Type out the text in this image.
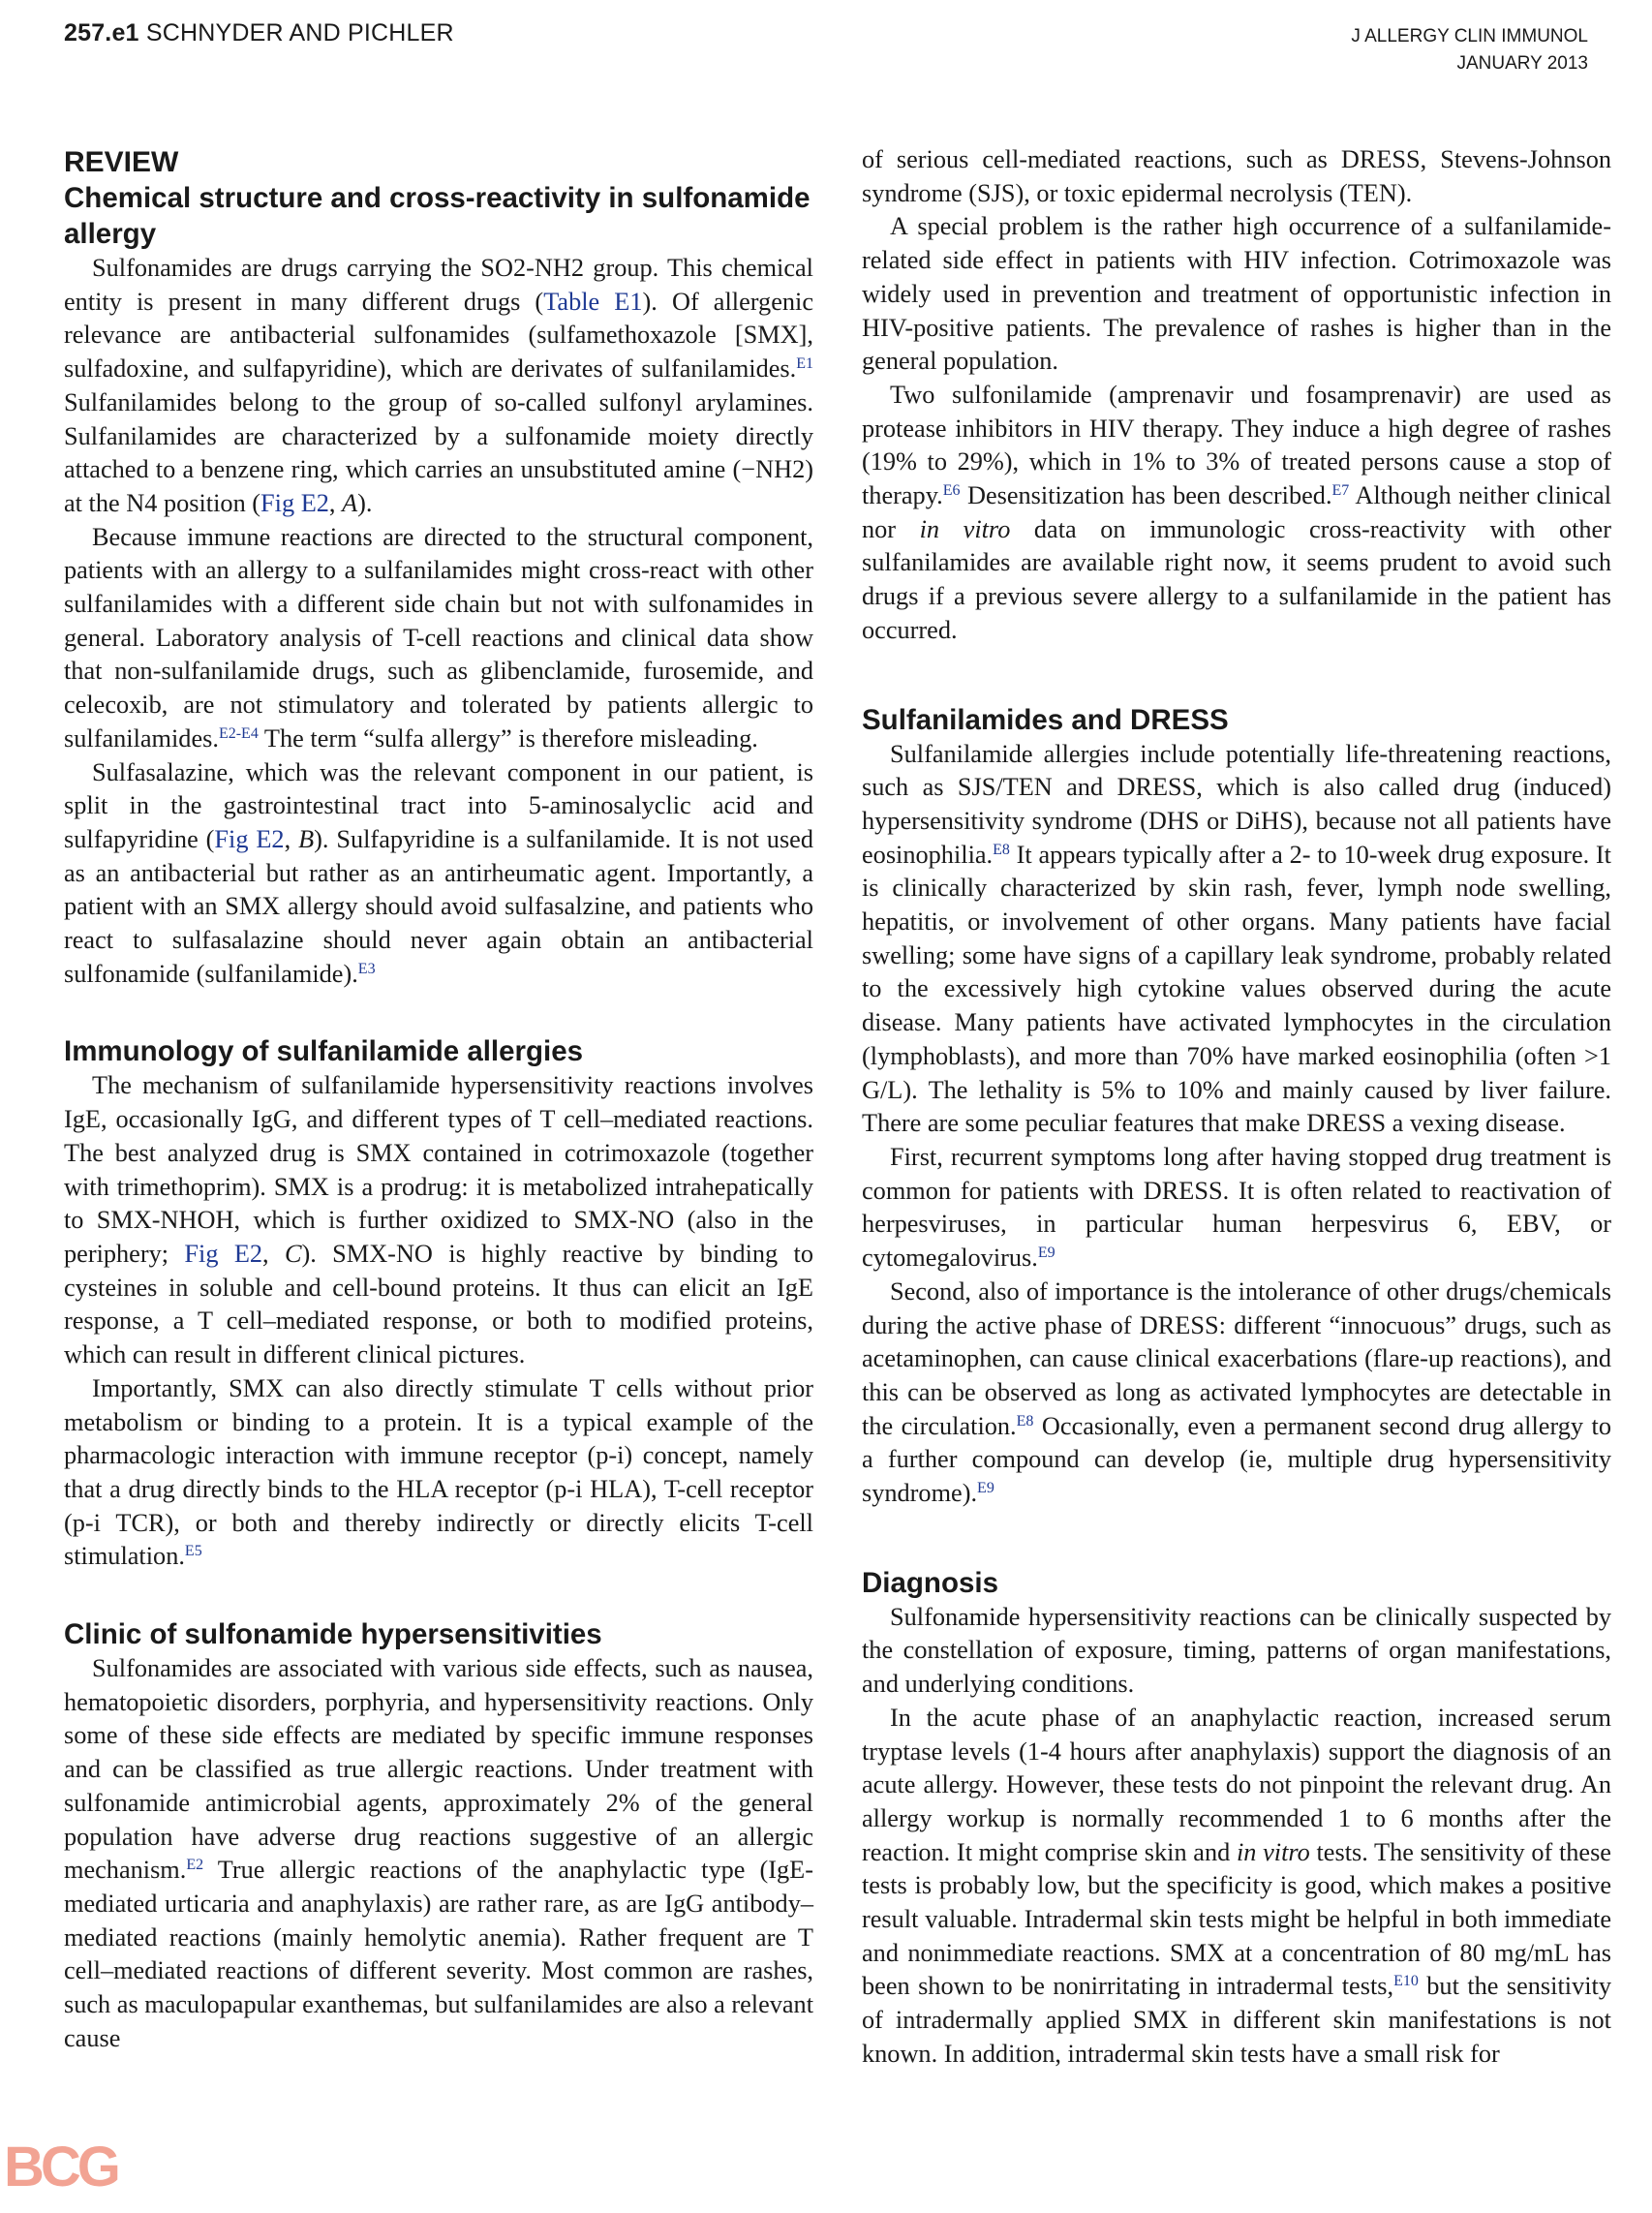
257.e1 SCHNYDER AND PICHLER	J ALLERGY CLIN IMMUNOL
JANUARY 2013
REVIEW
Chemical structure and cross-reactivity in sulfonamide allergy

Sulfonamides are drugs carrying the SO2-NH2 group. This chemical entity is present in many different drugs (Table E1). Of allergenic relevance are antibacterial sulfonamides (sulfamethoxazole [SMX], sulfadoxine, and sulfapyridine), which are derivates of sulfanilamides.$^{E1}$ Sulfanilamides belong to the group of so-called sulfonyl arylamines. Sulfanilamides are characterized by a sulfonamide moiety directly attached to a benzene ring, which carries an unsubstituted amine (−NH2) at the N4 position (Fig E2, A).

Because immune reactions are directed to the structural component, patients with an allergy to a sulfanilamides might cross-react with other sulfanilamides with a different side chain but not with sulfonamides in general. Laboratory analysis of T-cell reactions and clinical data show that non-sulfanilamide drugs, such as glibenclamide, furosemide, and celecoxib, are not stimulatory and tolerated by patients allergic to sulfanilamides.$^{E2-E4}$ The term “sulfa allergy” is therefore misleading.

Sulfasalazine, which was the relevant component in our patient, is split in the gastrointestinal tract into 5-aminosalyclic acid and sulfapyridine (Fig E2, B). Sulfapyridine is a sulfanilamide. It is not used as an antibacterial but rather as an antirheumatic agent. Importantly, a patient with an SMX allergy should avoid sulfasalzine, and patients who react to sulfasalazine should never again obtain an antibacterial sulfonamide (sulfanilamide).$^{E3}$

Immunology of sulfanilamide allergies

The mechanism of sulfanilamide hypersensitivity reactions involves IgE, occasionally IgG, and different types of T cell–mediated reactions. The best analyzed drug is SMX contained in cotrimoxazole (together with trimethoprim). SMX is a prodrug: it is metabolized intrahepatically to SMX-NHOH, which is further oxidized to SMX-NO (also in the periphery; Fig E2, C). SMX-NO is highly reactive by binding to cysteines in soluble and cell-bound proteins. It thus can elicit an IgE response, a T cell–mediated response, or both to modified proteins, which can result in different clinical pictures.

Importantly, SMX can also directly stimulate T cells without prior metabolism or binding to a protein. It is a typical example of the pharmacologic interaction with immune receptor (p-i) concept, namely that a drug directly binds to the HLA receptor (p-i HLA), T-cell receptor (p-i TCR), or both and thereby indirectly or directly elicits T-cell stimulation.$^{E5}$

Clinic of sulfonamide hypersensitivities

Sulfonamides are associated with various side effects, such as nausea, hematopoietic disorders, porphyria, and hypersensitivity reactions. Only some of these side effects are mediated by specific immune responses and can be classified as true allergic reactions. Under treatment with sulfonamide antimicrobial agents, approximately 2% of the general population have adverse drug reactions suggestive of an allergic mechanism.$^{E2}$ True allergic reactions of the anaphylactic type (IgE-mediated urticaria and anaphylaxis) are rather rare, as are IgG antibody–mediated reactions (mainly hemolytic anemia). Rather frequent are T cell–mediated reactions of different severity. Most common are rashes, such as maculopapular exanthemas, but sulfanilamides are also a relevant cause

of serious cell-mediated reactions, such as DRESS, Stevens-Johnson syndrome (SJS), or toxic epidermal necrolysis (TEN).

A special problem is the rather high occurrence of a sulfanilamide-related side effect in patients with HIV infection. Cotrimoxazole was widely used in prevention and treatment of opportunistic infection in HIV-positive patients. The prevalence of rashes is higher than in the general population.

Two sulfonilamide (amprenavir und fosamprenavir) are used as protease inhibitors in HIV therapy. They induce a high degree of rashes (19% to 29%), which in 1% to 3% of treated persons cause a stop of therapy.$^{E6}$ Desensitization has been described.$^{E7}$ Although neither clinical nor in vitro data on immunologic cross-reactivity with other sulfanilamides are available right now, it seems prudent to avoid such drugs if a previous severe allergy to a sulfanilamide in the patient has occurred.

Sulfanilamides and DRESS

Sulfanilamide allergies include potentially life-threatening reactions, such as SJS/TEN and DRESS, which is also called drug (induced) hypersensitivity syndrome (DHS or DiHS), because not all patients have eosinophilia.$^{E8}$ It appears typically after a 2- to 10-week drug exposure. It is clinically characterized by skin rash, fever, lymph node swelling, hepatitis, or involvement of other organs. Many patients have facial swelling; some have signs of a capillary leak syndrome, probably related to the excessively high cytokine values observed during the acute disease. Many patients have activated lymphocytes in the circulation (lymphoblasts), and more than 70% have marked eosinophilia (often >1 G/L). The lethality is 5% to 10% and mainly caused by liver failure. There are some peculiar features that make DRESS a vexing disease.

First, recurrent symptoms long after having stopped drug treatment is common for patients with DRESS. It is often related to reactivation of herpesviruses, in particular human herpesvirus 6, EBV, or cytomegalovirus.$^{E9}$

Second, also of importance is the intolerance of other drugs/chemicals during the active phase of DRESS: different “innocuous” drugs, such as acetaminophen, can cause clinical exacerbations (flare-up reactions), and this can be observed as long as activated lymphocytes are detectable in the circulation.$^{E8}$ Occasionally, even a permanent second drug allergy to a further compound can develop (ie, multiple drug hypersensitivity syndrome).$^{E9}$

Diagnosis

Sulfonamide hypersensitivity reactions can be clinically suspected by the constellation of exposure, timing, patterns of organ manifestations, and underlying conditions.

In the acute phase of an anaphylactic reaction, increased serum tryptase levels (1-4 hours after anaphylaxis) support the diagnosis of an acute allergy. However, these tests do not pinpoint the relevant drug. An allergy workup is normally recommended 1 to 6 months after the reaction. It might comprise skin and in vitro tests. The sensitivity of these tests is probably low, but the specificity is good, which makes a positive result valuable. Intradermal skin tests might be helpful in both immediate and nonimmediate reactions. SMX at a concentration of 80 mg/mL has been shown to be nonirritating in intradermal tests,$^{E10}$ but the sensitivity of intradermally applied SMX in different skin manifestations is not known. In addition, intradermal skin tests have a small risk for

BCG
